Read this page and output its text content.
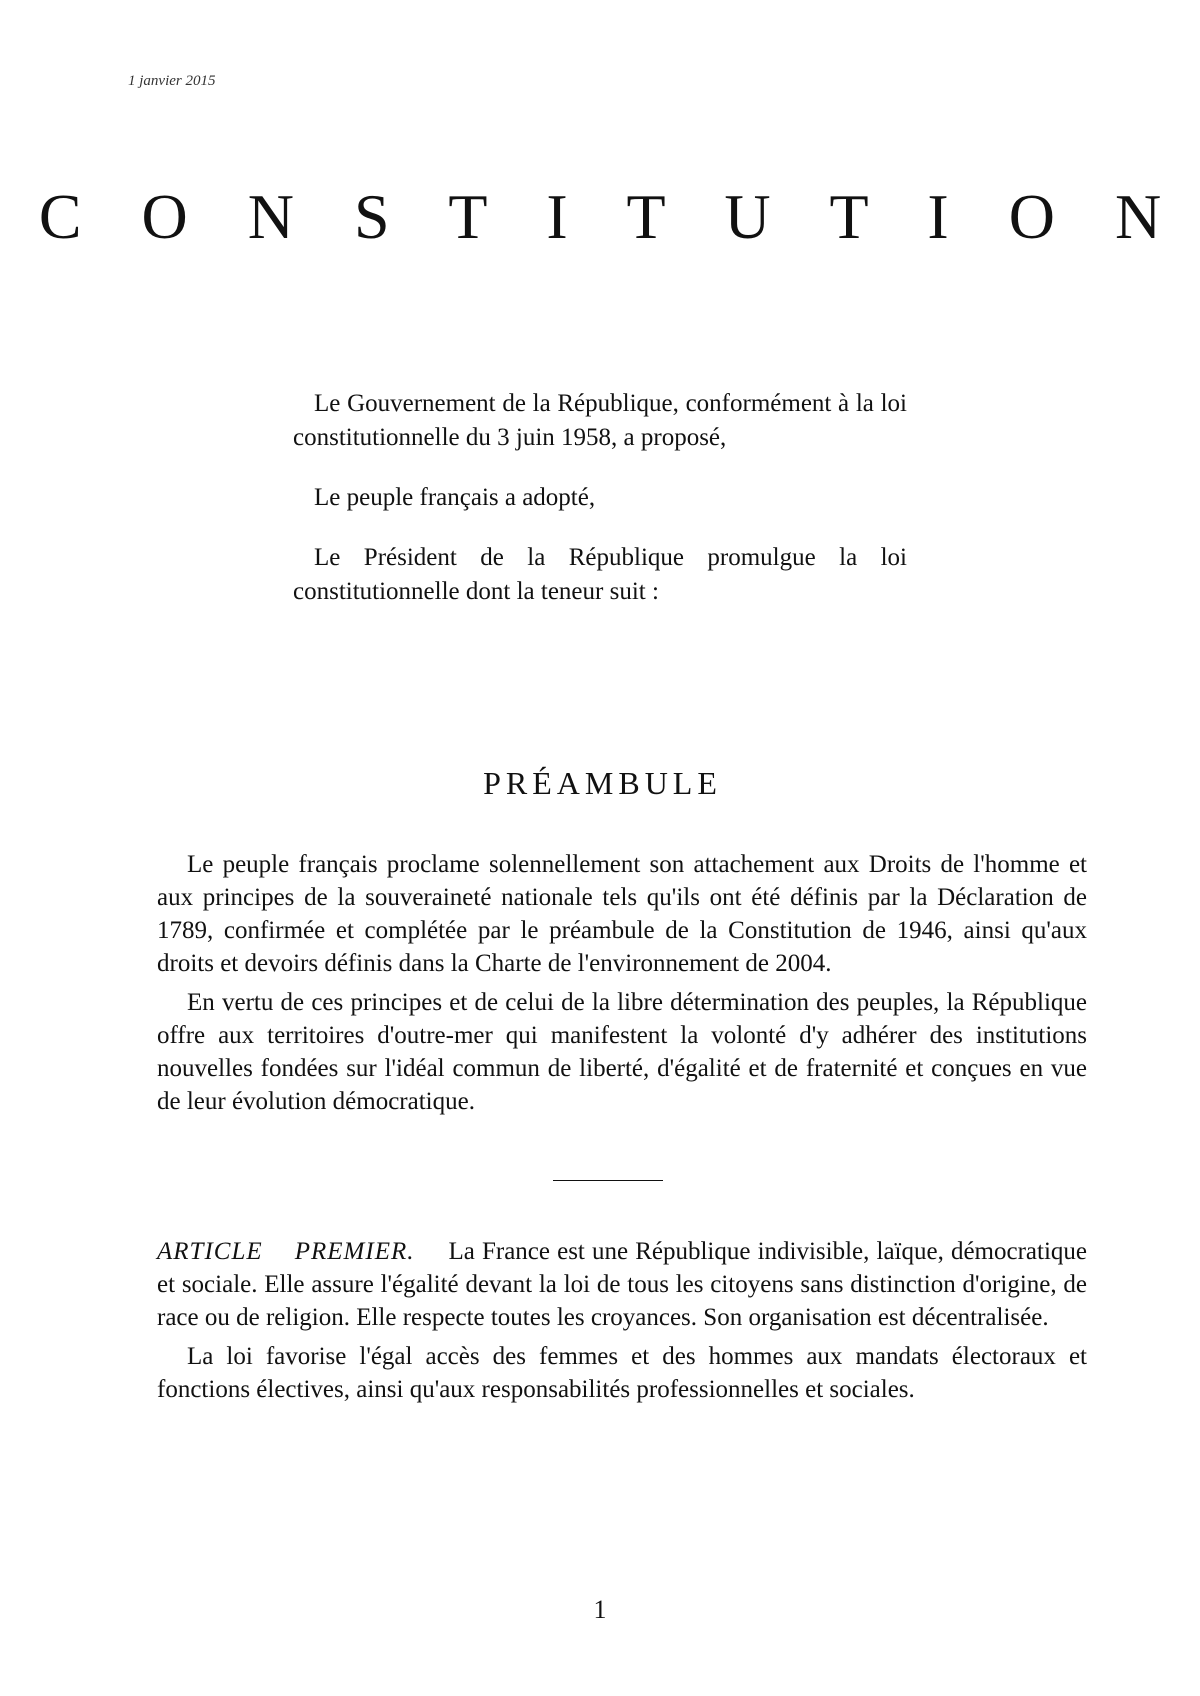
1 janvier 2015
C O N S T I T U T I O N

Le Gouvernement de la République, conformément à la loi constitutionnelle du 3 juin 1958, a proposé,

Le peuple français a adopté,

Le Président de la République promulgue la loi constitutionnelle dont la teneur suit :

PRÉAMBULE

Le peuple français proclame solennellement son attachement aux Droits de l'homme et aux principes de la souveraineté nationale tels qu'ils ont été définis par la Déclaration de 1789, confirmée et complétée par le préambule de la Constitution de 1946, ainsi qu'aux droits et devoirs définis dans la Charte de l'environnement de 2004.

En vertu de ces principes et de celui de la libre détermination des peuples, la République offre aux territoires d'outre-mer qui manifestent la volonté d'y adhérer des institutions nouvelles fondées sur l'idéal commun de liberté, d'égalité et de fraternité et conçues en vue de leur évolution démocratique.

ARTICLE PREMIER. La France est une République indivisible, laïque, démocratique et sociale. Elle assure l'égalité devant la loi de tous les citoyens sans distinction d'origine, de race ou de religion. Elle respecte toutes les croyances. Son organisation est décentralisée.

La loi favorise l'égal accès des femmes et des hommes aux mandats électoraux et fonctions électives, ainsi qu'aux responsabilités professionnelles et sociales.

1
